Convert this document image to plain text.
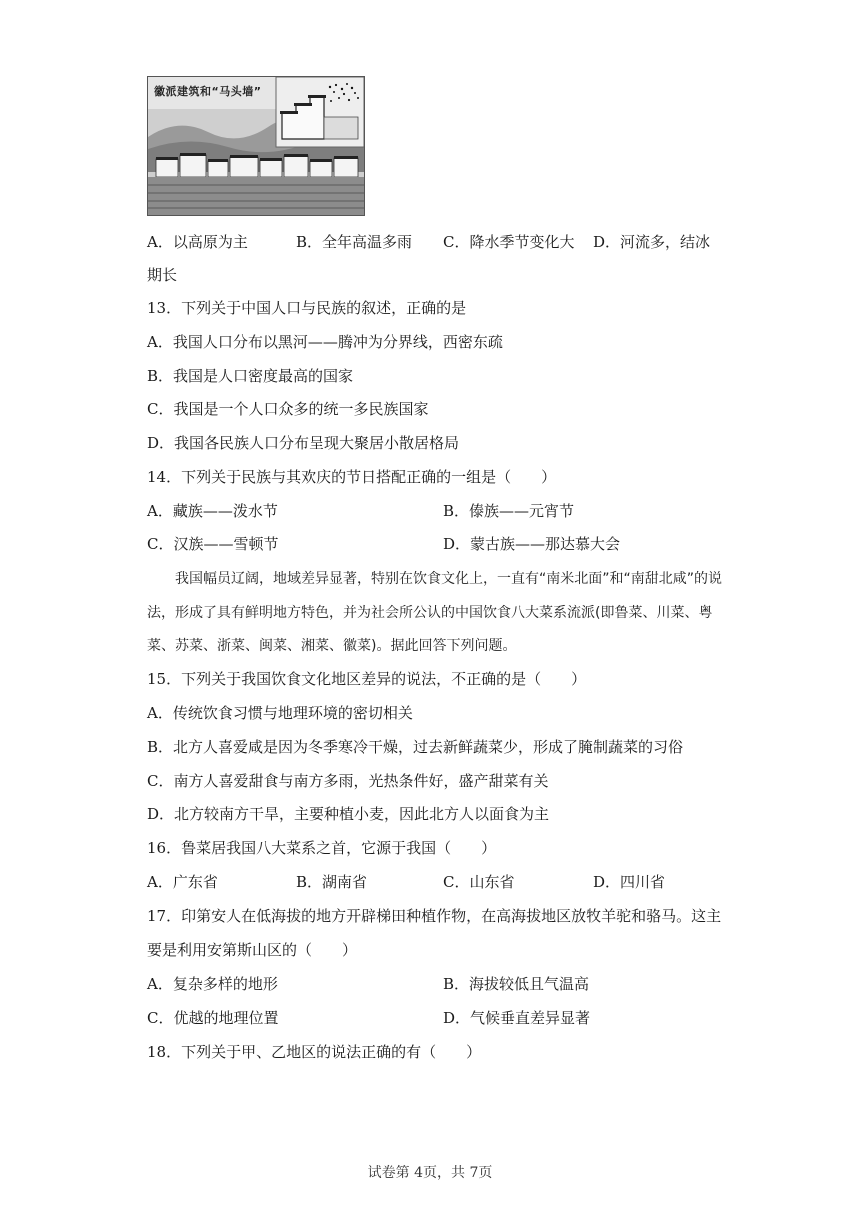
徽派建筑和“马头墙”
A．以高原为主	B．全年高温多雨 C．降水季节变化大 D．河流多，结冰
期长
13．下列关于中国人口与民族的叙述，正确的是
A．我国人口分布以黑河——腾冲为分界线，西密东疏
B．我国是人口密度最高的国家
C．我国是一个人口众多的统一多民族国家
D．我国各民族人口分布呈现大聚居小散居格局
14．下列关于民族与其欢庆的节日搭配正确的一组是（　　）
A．藏族——泼水节	B．傣族——元宵节
C．汉族——雪顿节	D．蒙古族——那达慕大会
　　我国幅员辽阔，地域差异显著，特别在饮食文化上，一直有“南米北面”和“南甜北咸”的说法，形成了具有鲜明地方特色，并为社会所公认的中国饮食八大菜系流派(即鲁菜、川菜、粤菜、苏菜、浙菜、闽菜、湘菜、徽菜)。据此回答下列问题。
15．下列关于我国饮食文化地区差异的说法，不正确的是（　　）
A．传统饮食习惯与地理环境的密切相关
B．北方人喜爱咸是因为冬季寒冷干燥，过去新鲜蔬菜少，形成了腌制蔬菜的习俗
C．南方人喜爱甜食与南方多雨，光热条件好，盛产甜菜有关
D．北方较南方干旱，主要种植小麦，因此北方人以面食为主
16．鲁菜居我国八大菜系之首，它源于我国（　　）
A．广东省	B．湖南省	C．山东省	D．四川省
17．印第安人在低海拔的地方开辟梯田种植作物，在高海拔地区放牧羊驼和骆马。这主
要是利用安第斯山区的（　　）
A．复杂多样的地形	B．海拔较低且气温高
C．优越的地理位置	D．气候垂直差异显著
18．下列关于甲、乙地区的说法正确的有（　　）
试卷第 4页，共 7页
